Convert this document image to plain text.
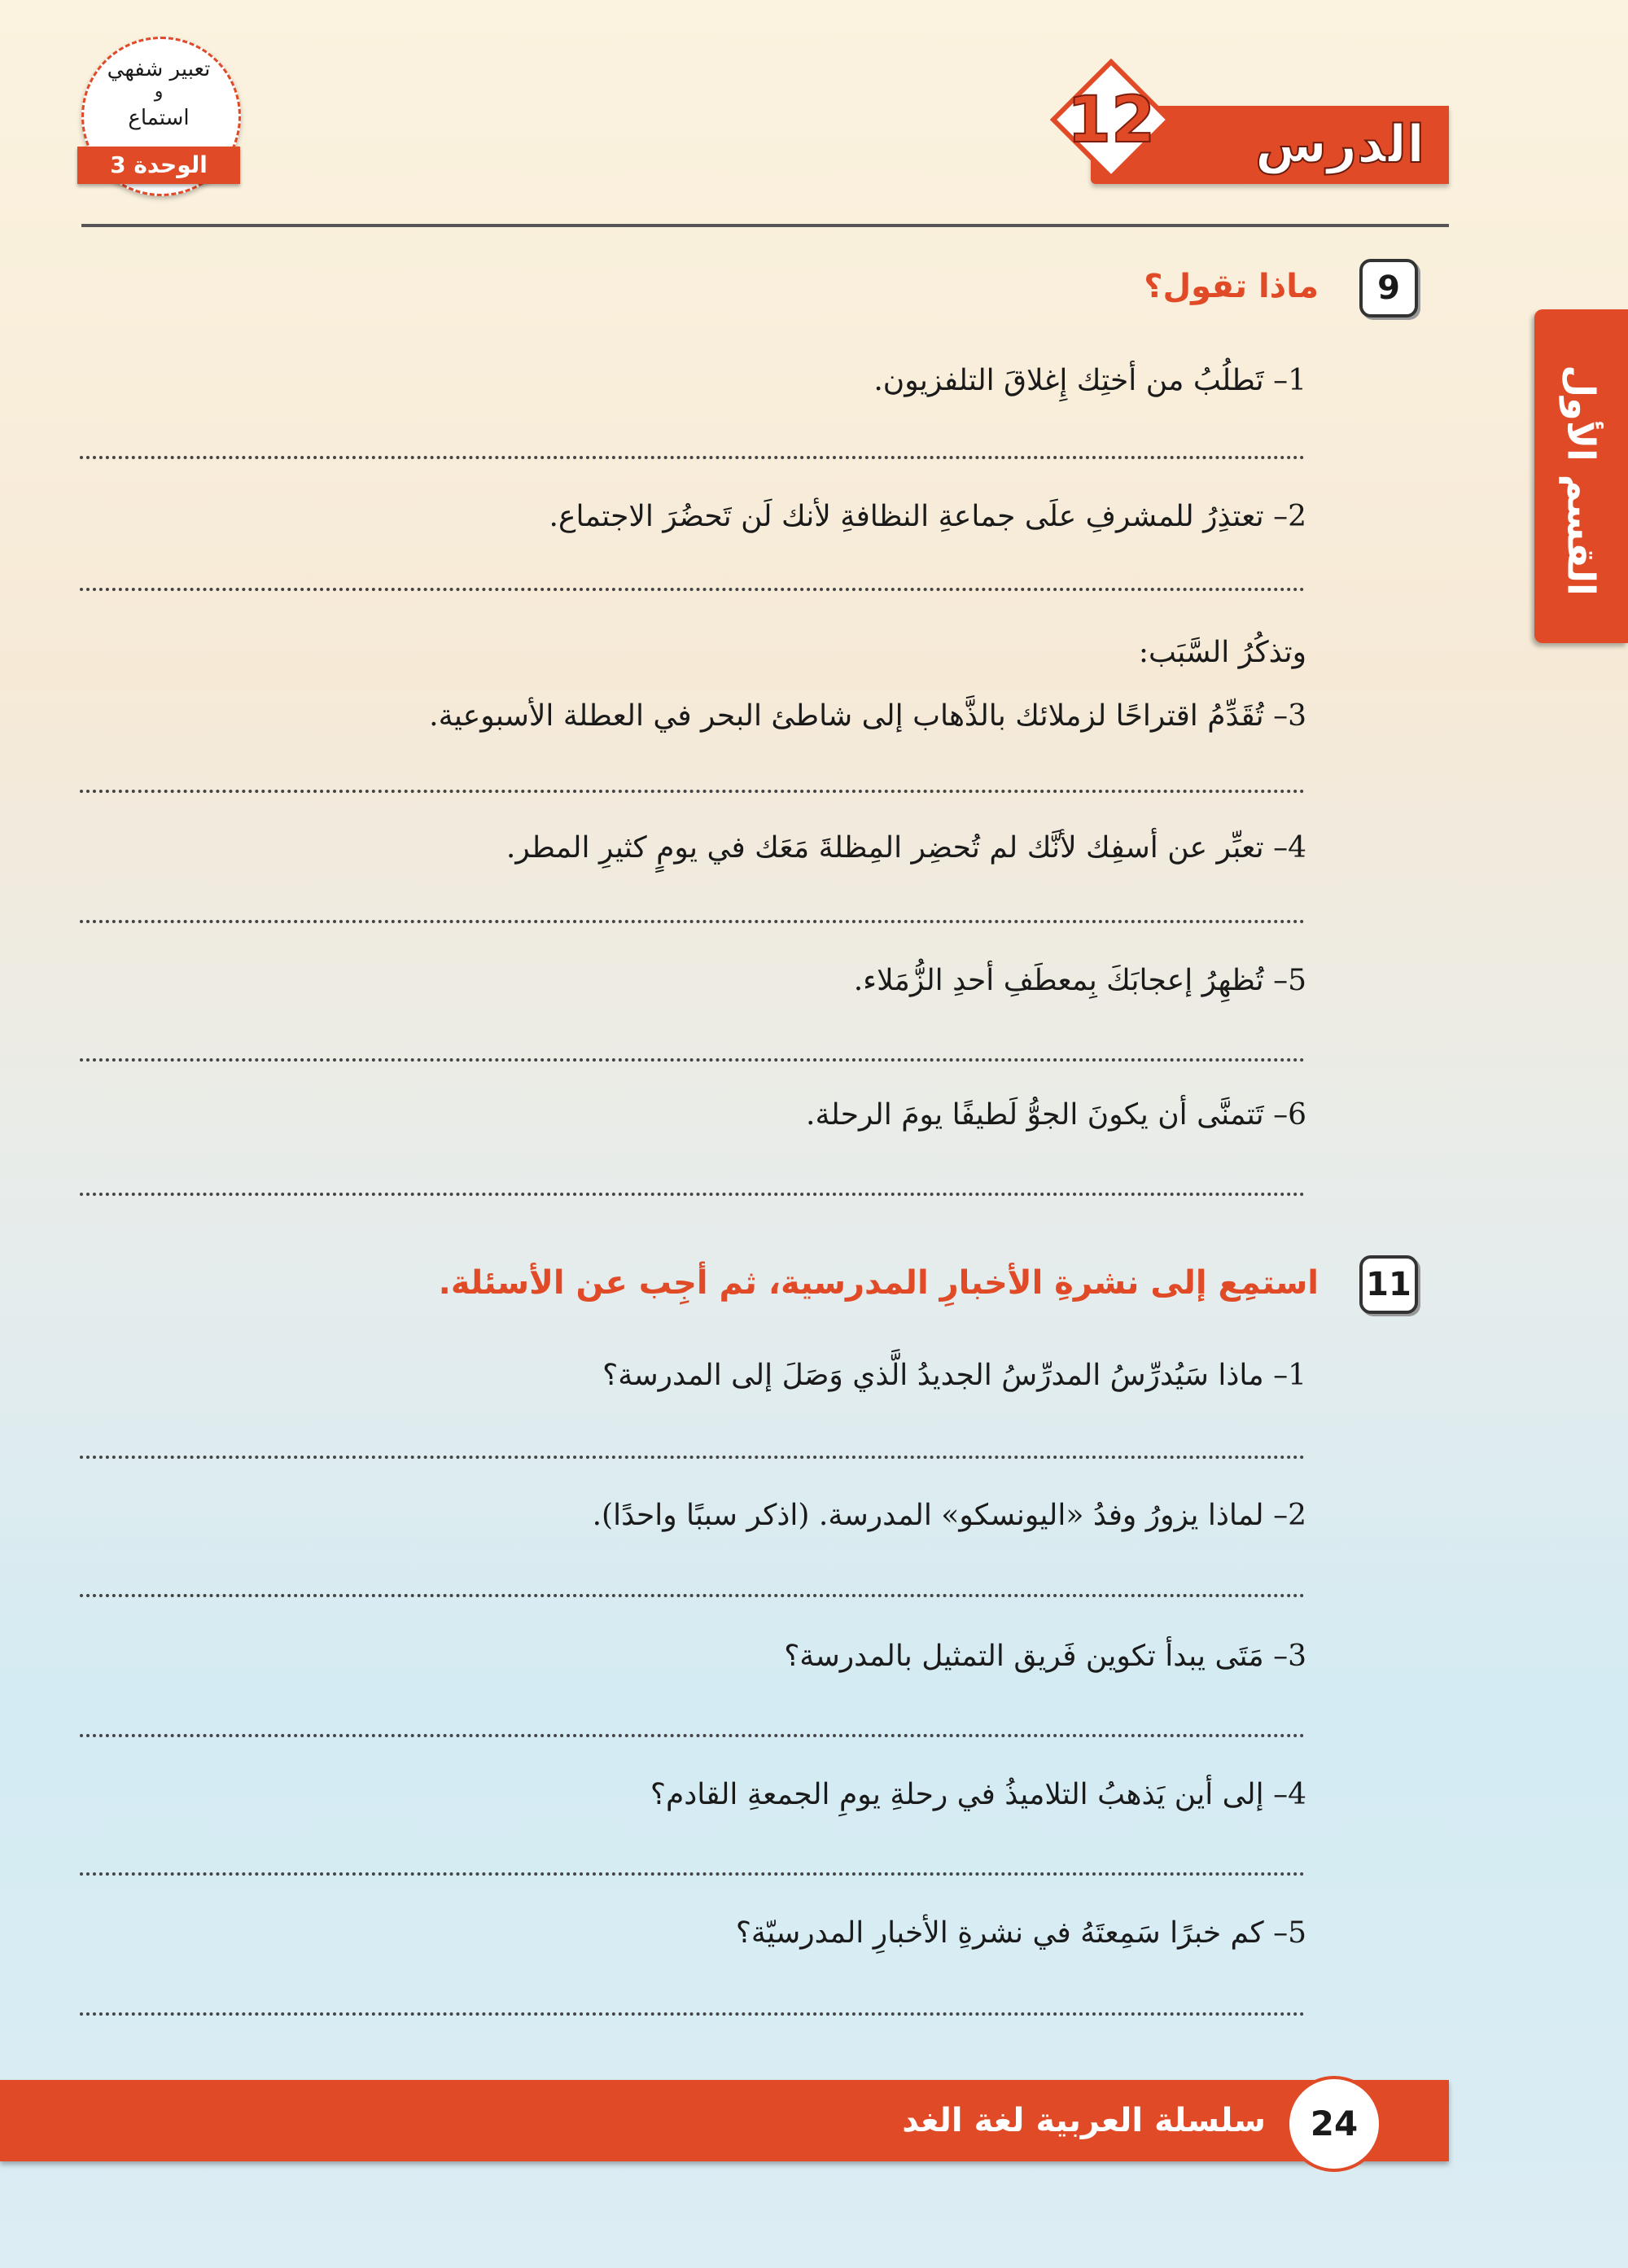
الدرس
12
تعبير شفهي
و
استماع
الوحدة 3
القسم الأول
9
ماذا تقول؟
1– تَطلُبُ من أختِك إِغلاقَ التلفزيون.
2– تعتذِرُ للمشرفِ علَى جماعةِ النظافةِ لأنك لَن تَحضُرَ الاجتماع.
وتذكُرُ السَّبَب:
3– تُقَدِّمُ اقتراحًا لزملائك بالذَّهاب إلى شاطئ البحر في العطلة الأسبوعية.
4– تعبِّر عن أسفِك لأنَّك لم تُحضِر المِظلةَ مَعَك في يومٍ كثيرِ المطر.
5– تُظهِرُ إعجابَكَ بِمعطَفِ أحدِ الزُّمَلاء.
6– تَتمنَّى أن يكونَ الجوُّ لَطيفًا يومَ الرحلة.
11
استمِع إلى نشرةِ الأخبارِ المدرسية، ثم أجِب عن الأسئلة.
1– ماذا سَيُدرِّسُ المدرِّسُ الجديدُ الَّذي وَصَلَ إلى المدرسة؟
2– لماذا يزورُ وفدُ «اليونسكو» المدرسة. (اذكر سببًا واحدًا).
3– مَتَى يبدأ تكوين فَريق التمثيل بالمدرسة؟
4– إلى أين يَذهبُ التلاميذُ في رحلةِ يومِ الجمعةِ القادم؟
5– كم خبرًا سَمِعتَهُ في نشرةِ الأخبارِ المدرسيّة؟
سلسلة العربية لغة الغد	24
